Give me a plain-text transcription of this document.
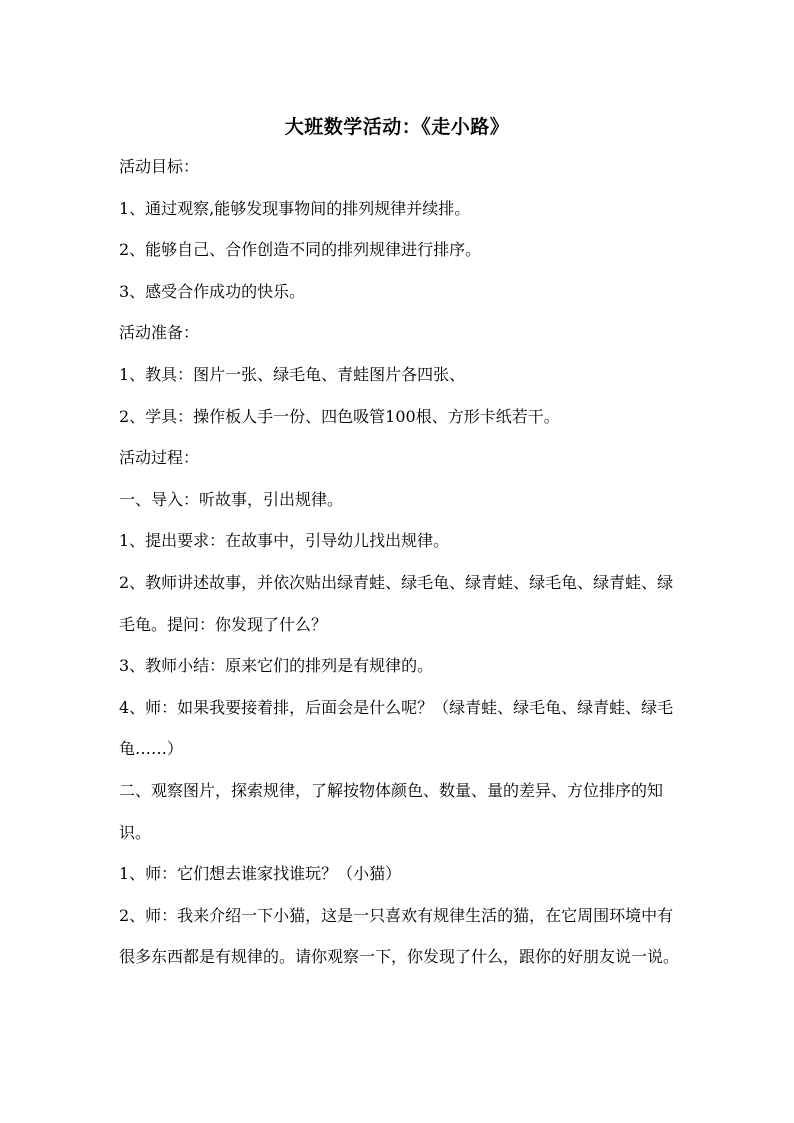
大班数学活动：《走小路》

活动目标：

1、通过观察,能够发现事物间的排列规律并续排。

2、能够自己、合作创造不同的排列规律进行排序。

3、感受合作成功的快乐。

活动准备：

1、教具：图片一张、绿毛龟、青蛙图片各四张、

2、学具：操作板人手一份、四色吸管100根、方形卡纸若干。

活动过程：

一、导入：听故事，引出规律。

1、提出要求：在故事中，引导幼儿找出规律。

2、教师讲述故事，并依次贴出绿青蛙、绿毛龟、绿青蛙、绿毛龟、绿青蛙、绿毛龟。提问：你发现了什么？

3、教师小结：原来它们的排列是有规律的。

4、师：如果我要接着排，后面会是什么呢？（绿青蛙、绿毛龟、绿青蛙、绿毛龟……）

二、观察图片，探索规律，了解按物体颜色、数量、量的差异、方位排序的知识。

1、师：它们想去谁家找谁玩？（小猫）

2、师：我来介绍一下小猫，这是一只喜欢有规律生活的猫，在它周围环境中有很多东西都是有规律的。请你观察一下，你发现了什么，跟你的好朋友说一说。
